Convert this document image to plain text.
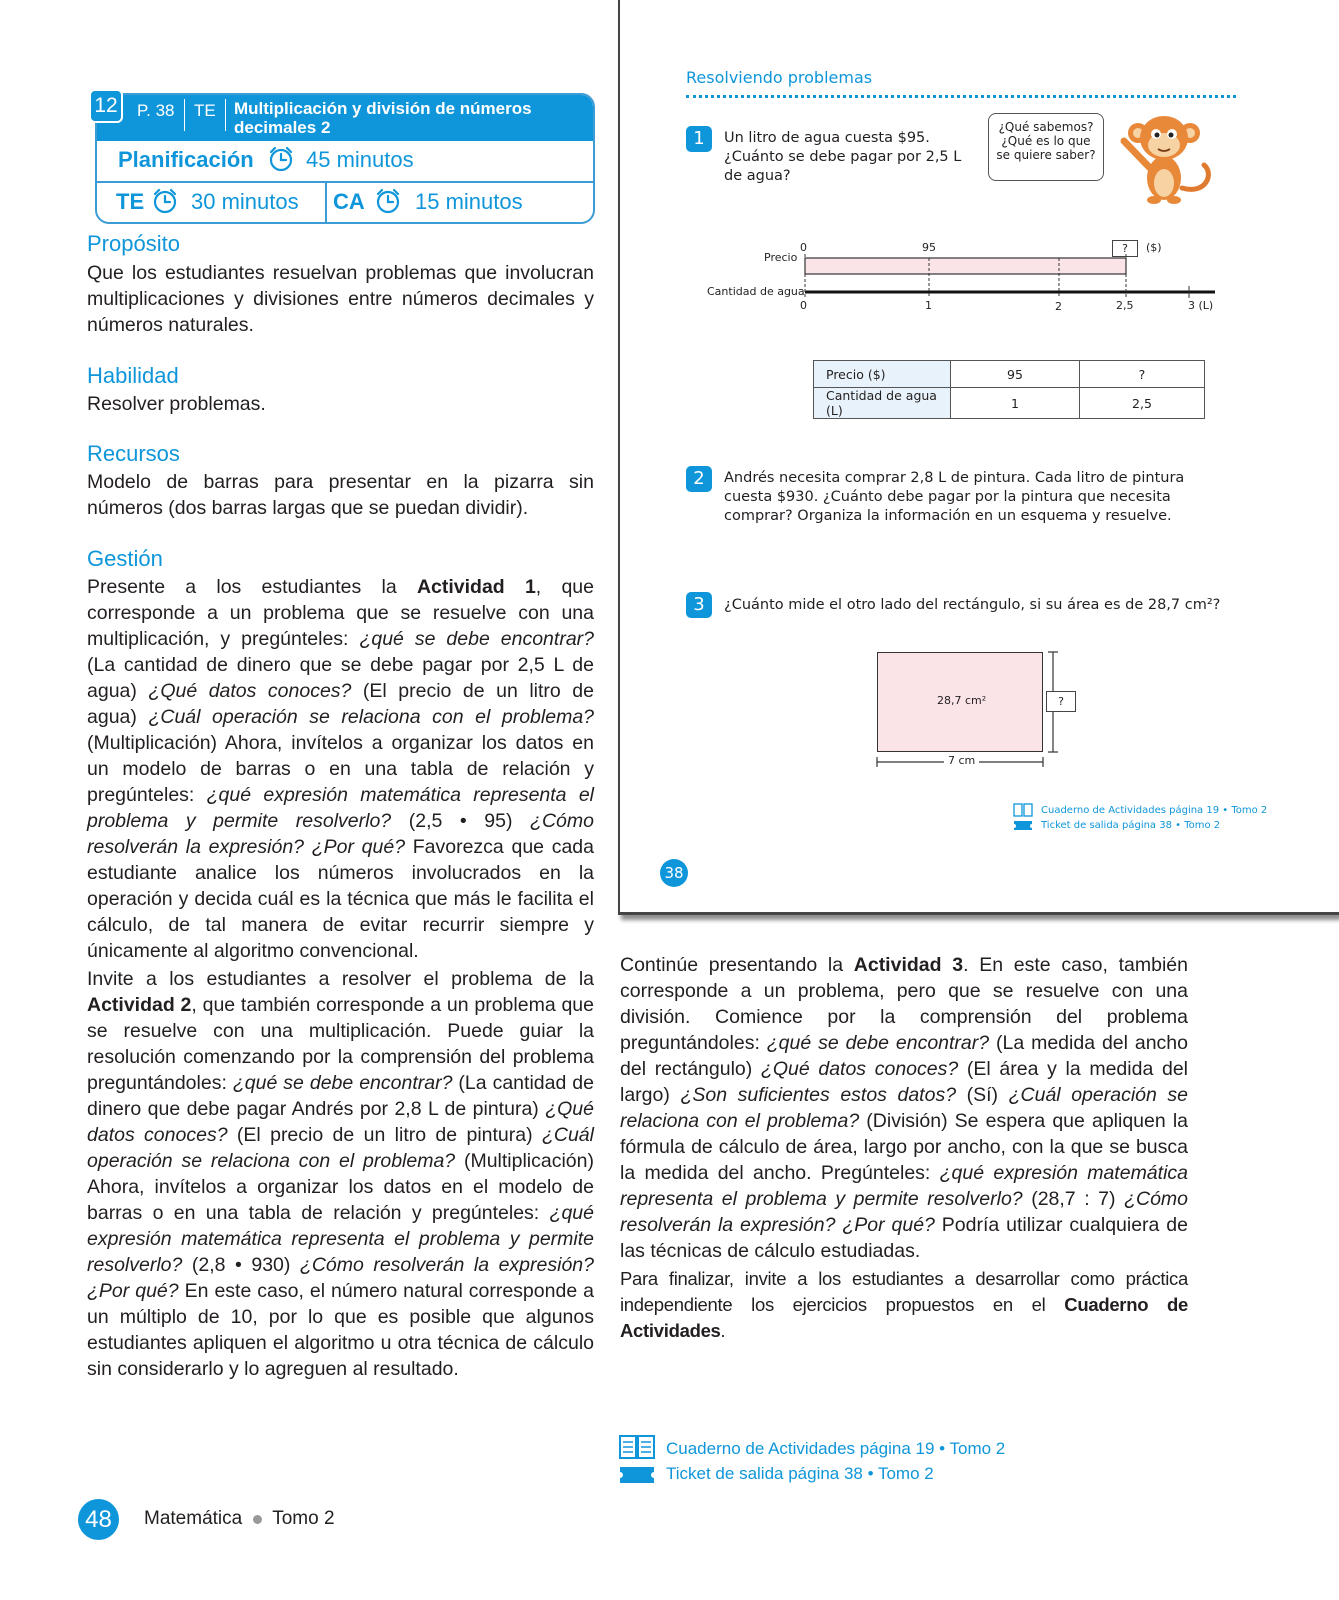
P. 38 TE Multiplicación y división de números decimales 2
Planificación 45 minutos
TE 30 minutos CA 15 minutos
12
Propósito
Que los estudiantes resuelvan problemas que involucran multiplicaciones y divisiones entre números decimales y números naturales.
Habilidad
Resolver problemas.
Recursos
Modelo de barras para presentar en la pizarra sin números (dos barras largas que se puedan dividir).
Gestión
Presente a los estudiantes la Actividad 1, que corresponde a un problema que se resuelve con una multiplicación, y pregúnteles: ¿qué se debe encontrar? (La cantidad de dinero que se debe pagar por 2,5 L de agua) ¿Qué datos conoces? (El precio de un litro de agua) ¿Cuál operación se relaciona con el problema? (Multiplicación) Ahora, invítelos a organizar los datos en un modelo de barras o en una tabla de relación y pregúnteles: ¿qué expresión matemática representa el problema y permite resolverlo? (2,5 • 95) ¿Cómo resolverán la expresión? ¿Por qué? Favorezca que cada estudiante analice los números involucrados en la operación y decida cuál es la técnica que más le facilita el cálculo, de tal manera de evitar recurrir siempre y únicamente al algoritmo convencional.
Invite a los estudiantes a resolver el problema de la Actividad 2, que también corresponde a un problema que se resuelve con una multiplicación. Puede guiar la resolución comenzando por la comprensión del problema preguntándoles: ¿qué se debe encontrar? (La cantidad de dinero que debe pagar Andrés por 2,8 L de pintura) ¿Qué datos conoces? (El precio de un litro de pintura) ¿Cuál operación se relaciona con el problema? (Multiplicación) Ahora, invítelos a organizar los datos en el modelo de barras o en una tabla de relación y pregúnteles: ¿qué expresión matemática representa el problema y permite resolverlo? (2,8 • 930) ¿Cómo resolverán la expresión? ¿Por qué? En este caso, el número natural corresponde a un múltiplo de 10, por lo que es posible que algunos estudiantes apliquen el algoritmo u otra técnica de cálculo sin considerarlo y lo agreguen al resultado.
Resolviendo problemas
1	Un litro de agua cuesta $95. ¿Cuánto se debe pagar por 2,5 L de agua?
¿Qué sabemos?
¿Qué es lo que
se quiere saber?
Precio
Cantidad de agua
0	95	?	($)
0	1	2	2,5	3 (L)
Precio ($)	95	?
Cantidad de agua (L)	1	2,5
2	Andrés necesita comprar 2,8 L de pintura. Cada litro de pintura cuesta $930. ¿Cuánto debe pagar por la pintura que necesita comprar? Organiza la información en un esquema y resuelve.
3	¿Cuánto mide el otro lado del rectángulo, si su área es de 28,7 cm²?
28,7 cm²	?
7 cm
Cuaderno de Actividades página 19 • Tomo 2
Ticket de salida página 38 • Tomo 2
38
Continúe presentando la Actividad 3. En este caso, también corresponde a un problema, pero que se resuelve con una división. Comience por la comprensión del problema preguntándoles: ¿qué se debe encontrar? (La medida del ancho del rectángulo) ¿Qué datos conoces? (El área y la medida del largo) ¿Son suficientes estos datos? (Sí) ¿Cuál operación se relaciona con el problema? (División) Se espera que apliquen la fórmula de cálculo de área, largo por ancho, con la que se busca la medida del ancho. Pregúnteles: ¿qué expresión matemática representa el problema y permite resolverlo? (28,7 : 7) ¿Cómo resolverán la expresión? ¿Por qué? Podría utilizar cualquiera de las técnicas de cálculo estudiadas.
Para finalizar, invite a los estudiantes a desarrollar como práctica independiente los ejercicios propuestos en el Cuaderno de Actividades.
Cuaderno de Actividades página 19 • Tomo 2
Ticket de salida página 38 • Tomo 2
48	Matemática Tomo 2
